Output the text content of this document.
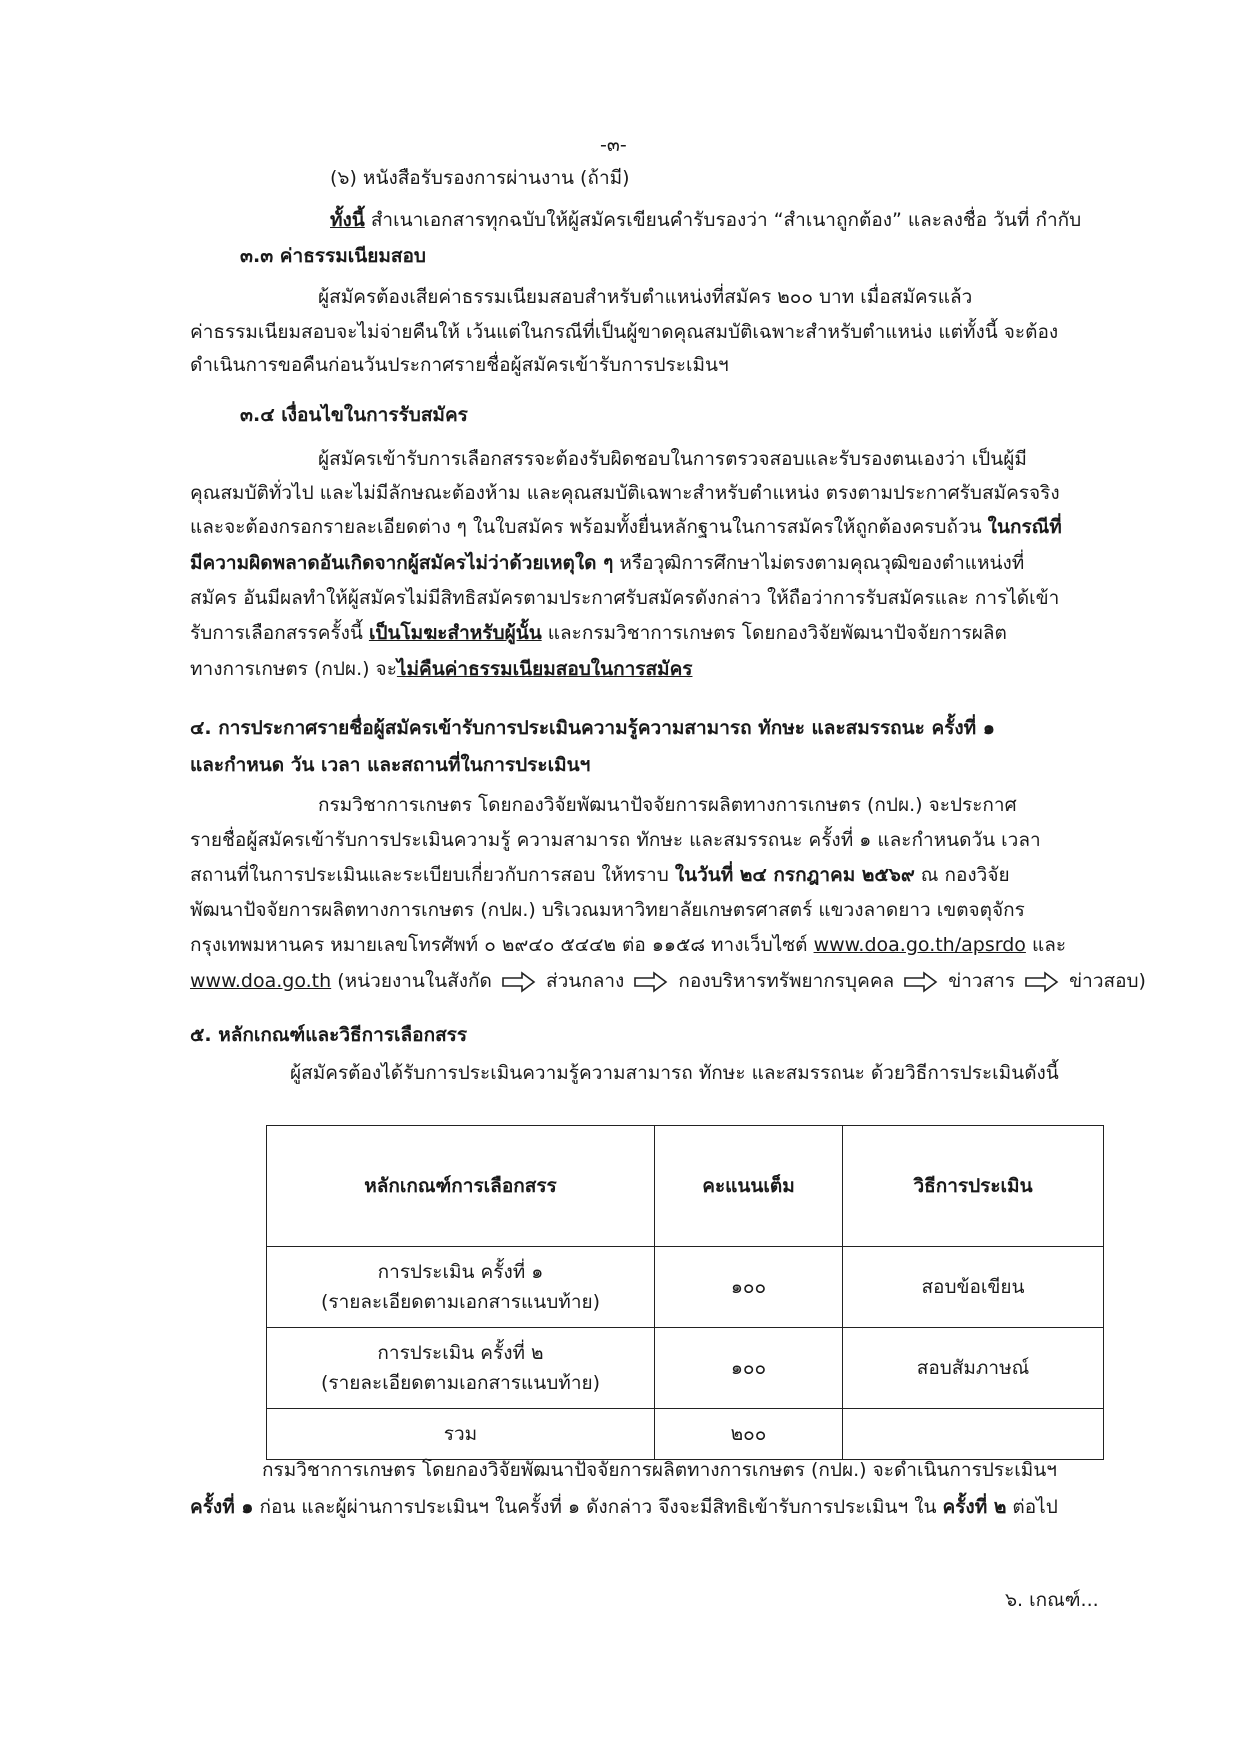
-๓-
(๖) หนังสือรับรองการผ่านงาน (ถ้ามี)
ทั้งนี้ สำเนาเอกสารทุกฉบับให้ผู้สมัครเขียนคำรับรองว่า “สำเนาถูกต้อง” และลงชื่อ วันที่ กำกับ
๓.๓ ค่าธรรมเนียมสอบ
ผู้สมัครต้องเสียค่าธรรมเนียมสอบสำหรับตำแหน่งที่สมัคร ๒๐๐ บาท เมื่อสมัครแล้ว
ค่าธรรมเนียมสอบจะไม่จ่ายคืนให้ เว้นแต่ในกรณีที่เป็นผู้ขาดคุณสมบัติเฉพาะสำหรับตำแหน่ง แต่ทั้งนี้ จะต้อง
ดำเนินการขอคืนก่อนวันประกาศรายชื่อผู้สมัครเข้ารับการประเมินฯ
๓.๔ เงื่อนไขในการรับสมัคร
ผู้สมัครเข้ารับการเลือกสรรจะต้องรับผิดชอบในการตรวจสอบและรับรองตนเองว่า เป็นผู้มี
คุณสมบัติทั่วไป และไม่มีลักษณะต้องห้าม และคุณสมบัติเฉพาะสำหรับตำแหน่ง ตรงตามประกาศรับสมัครจริง
และจะต้องกรอกรายละเอียดต่าง ๆ ในใบสมัคร พร้อมทั้งยื่นหลักฐานในการสมัครให้ถูกต้องครบถ้วน ในกรณีที่
มีความผิดพลาดอันเกิดจากผู้สมัครไม่ว่าด้วยเหตุใด ๆ หรือวุฒิการศึกษาไม่ตรงตามคุณวุฒิของตำแหน่งที่
สมัคร อันมีผลทำให้ผู้สมัครไม่มีสิทธิสมัครตามประกาศรับสมัครดังกล่าว ให้ถือว่าการรับสมัครและ การได้เข้า
รับการเลือกสรรครั้งนี้ เป็นโมฆะสำหรับผู้นั้น และกรมวิชาการเกษตร โดยกองวิจัยพัฒนาปัจจัยการผลิต
ทางการเกษตร (กปผ.) จะไม่คืนค่าธรรมเนียมสอบในการสมัคร
๔. การประกาศรายชื่อผู้สมัครเข้ารับการประเมินความรู้ความสามารถ ทักษะ และสมรรถนะ ครั้งที่ ๑
และกำหนด วัน เวลา และสถานที่ในการประเมินฯ
กรมวิชาการเกษตร โดยกองวิจัยพัฒนาปัจจัยการผลิตทางการเกษตร (กปผ.) จะประกาศ
รายชื่อผู้สมัครเข้ารับการประเมินความรู้ ความสามารถ ทักษะ และสมรรถนะ ครั้งที่ ๑ และกำหนดวัน เวลา
สถานที่ในการประเมินและระเบียบเกี่ยวกับการสอบ ให้ทราบ ในวันที่ ๒๔ กรกฎาคม ๒๕๖๙ ณ กองวิจัย
พัฒนาปัจจัยการผลิตทางการเกษตร (กปผ.) บริเวณมหาวิทยาลัยเกษตรศาสตร์ แขวงลาดยาว เขตจตุจักร
กรุงเทพมหานคร หมายเลขโทรศัพท์ ๐ ๒๙๔๐ ๕๔๔๒ ต่อ ๑๑๕๘ ทางเว็บไซต์ www.doa.go.th/apsrdo และ
www.doa.go.th (หน่วยงานในสังกัด	ส่วนกลาง	กองบริหารทรัพยากรบุคคล	ข่าวสาร	ข่าวสอบ)
๕. หลักเกณฑ์และวิธีการเลือกสรร
ผู้สมัครต้องได้รับการประเมินความรู้ความสามารถ ทักษะ และสมรรถนะ ด้วยวิธีการประเมินดังนี้
หลักเกณฑ์การเลือกสรร	คะแนนเต็ม	วิธีการประเมิน

การประเมิน ครั้งที่ ๑
(รายละเอียดตามเอกสารแนบท้าย)	๑๐๐	สอบข้อเขียน

การประเมิน ครั้งที่ ๒
(รายละเอียดตามเอกสารแนบท้าย)	๑๐๐	สอบสัมภาษณ์
รวม	๒๐๐	
กรมวิชาการเกษตร โดยกองวิจัยพัฒนาปัจจัยการผลิตทางการเกษตร (กปผ.) จะดำเนินการประเมินฯ
ครั้งที่ ๑ ก่อน และผู้ผ่านการประเมินฯ ในครั้งที่ ๑ ดังกล่าว จึงจะมีสิทธิเข้ารับการประเมินฯ ใน ครั้งที่ ๒ ต่อไป
๖. เกณฑ์...
